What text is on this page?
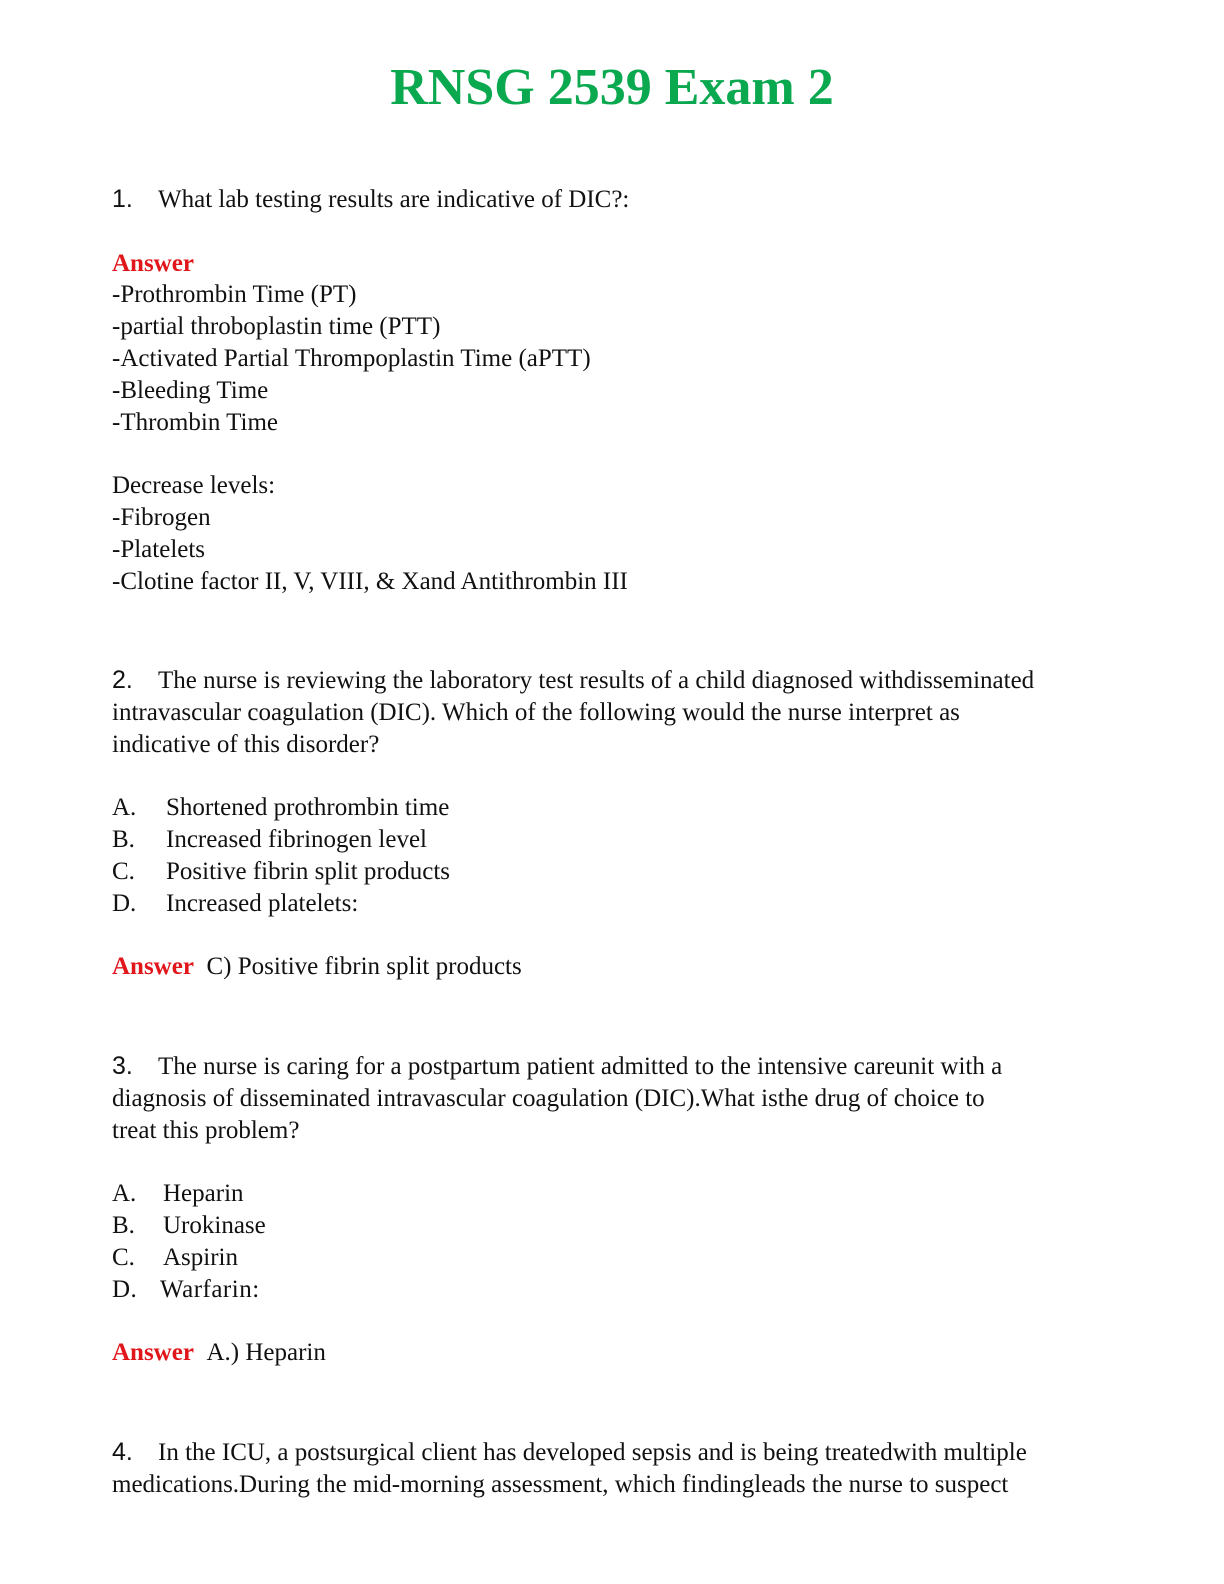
RNSG 2539 Exam 2

1. What lab testing results are indicative of DIC?:

Answer

-Prothrombin Time (PT)

-partial throboplastin time (PTT)

-Activated Partial Thrompoplastin Time (aPTT)

-Bleeding Time

-Thrombin Time

Decrease levels:

-Fibrogen

-Platelets

-Clotine factor II, V, VIII, & Xand Antithrombin III

2. The nurse is reviewing the laboratory test results of a child diagnosed withdisseminated

intravascular coagulation (DIC). Which of the following would the nurse interpret as

indicative of this disorder?

A.	Shortened prothrombin time
B.	Increased fibrinogen level
C.	Positive fibrin split products
D.	Increased platelets:

Answer C) Positive fibrin split products

3. The nurse is caring for a postpartum patient admitted to the intensive careunit with a

diagnosis of disseminated intravascular coagulation (DIC).What isthe drug of choice to

treat this problem?

A.	Heparin
B.	Urokinase
C.	Aspirin
D. Warfarin:

Answer A.) Heparin

4. In the ICU, a postsurgical client has developed sepsis and is being treatedwith multiple

medications.During the mid-morning assessment, which findingleads the nurse to suspect
